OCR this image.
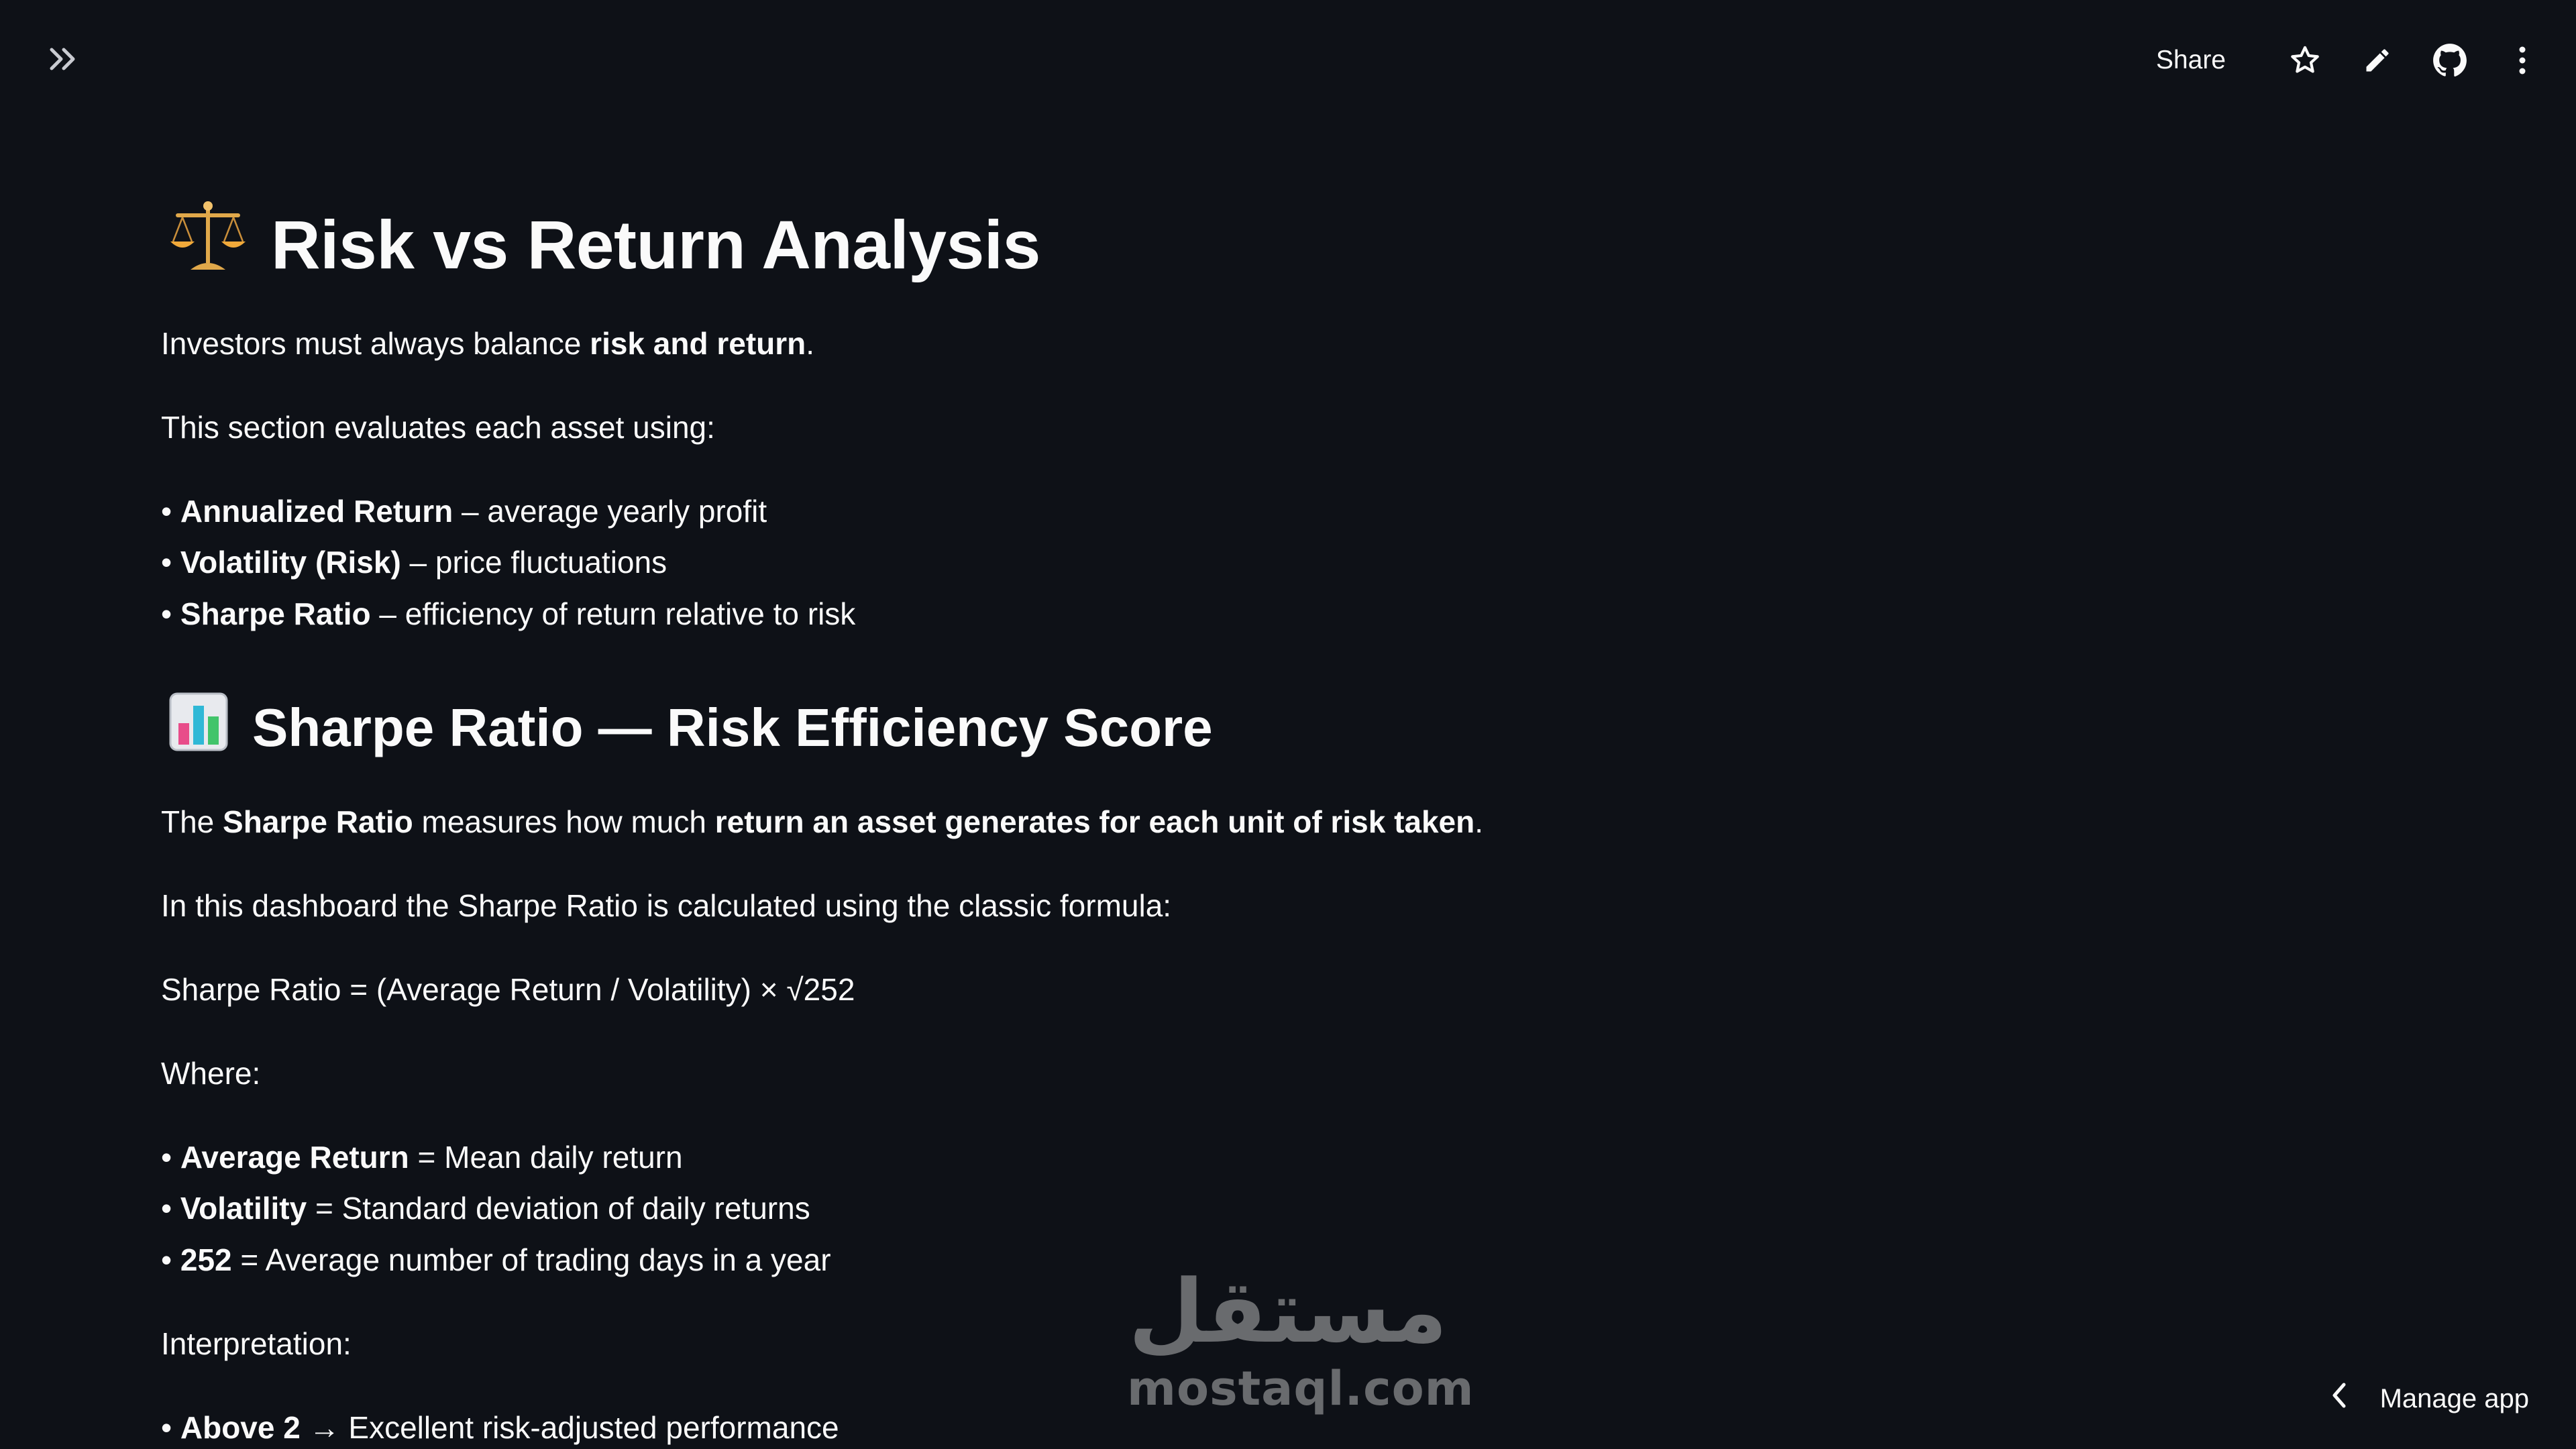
Share
Risk vs Return Analysis
Investors must always balance risk and return.
This section evaluates each asset using:
• Annualized Return – average yearly profit
• Volatility (Risk) – price fluctuations
• Sharpe Ratio – efficiency of return relative to risk
Sharpe Ratio — Risk Efficiency Score
The Sharpe Ratio measures how much return an asset generates for each unit of risk taken.
In this dashboard the Sharpe Ratio is calculated using the classic formula:
Sharpe Ratio = (Average Return / Volatility) × √252
Where:
• Average Return = Mean daily return
• Volatility = Standard deviation of daily returns
• 252 = Average number of trading days in a year
Interpretation:
• Above 2 → Excellent risk-adjusted performance
مستقل
mostaql.com	Manage app
